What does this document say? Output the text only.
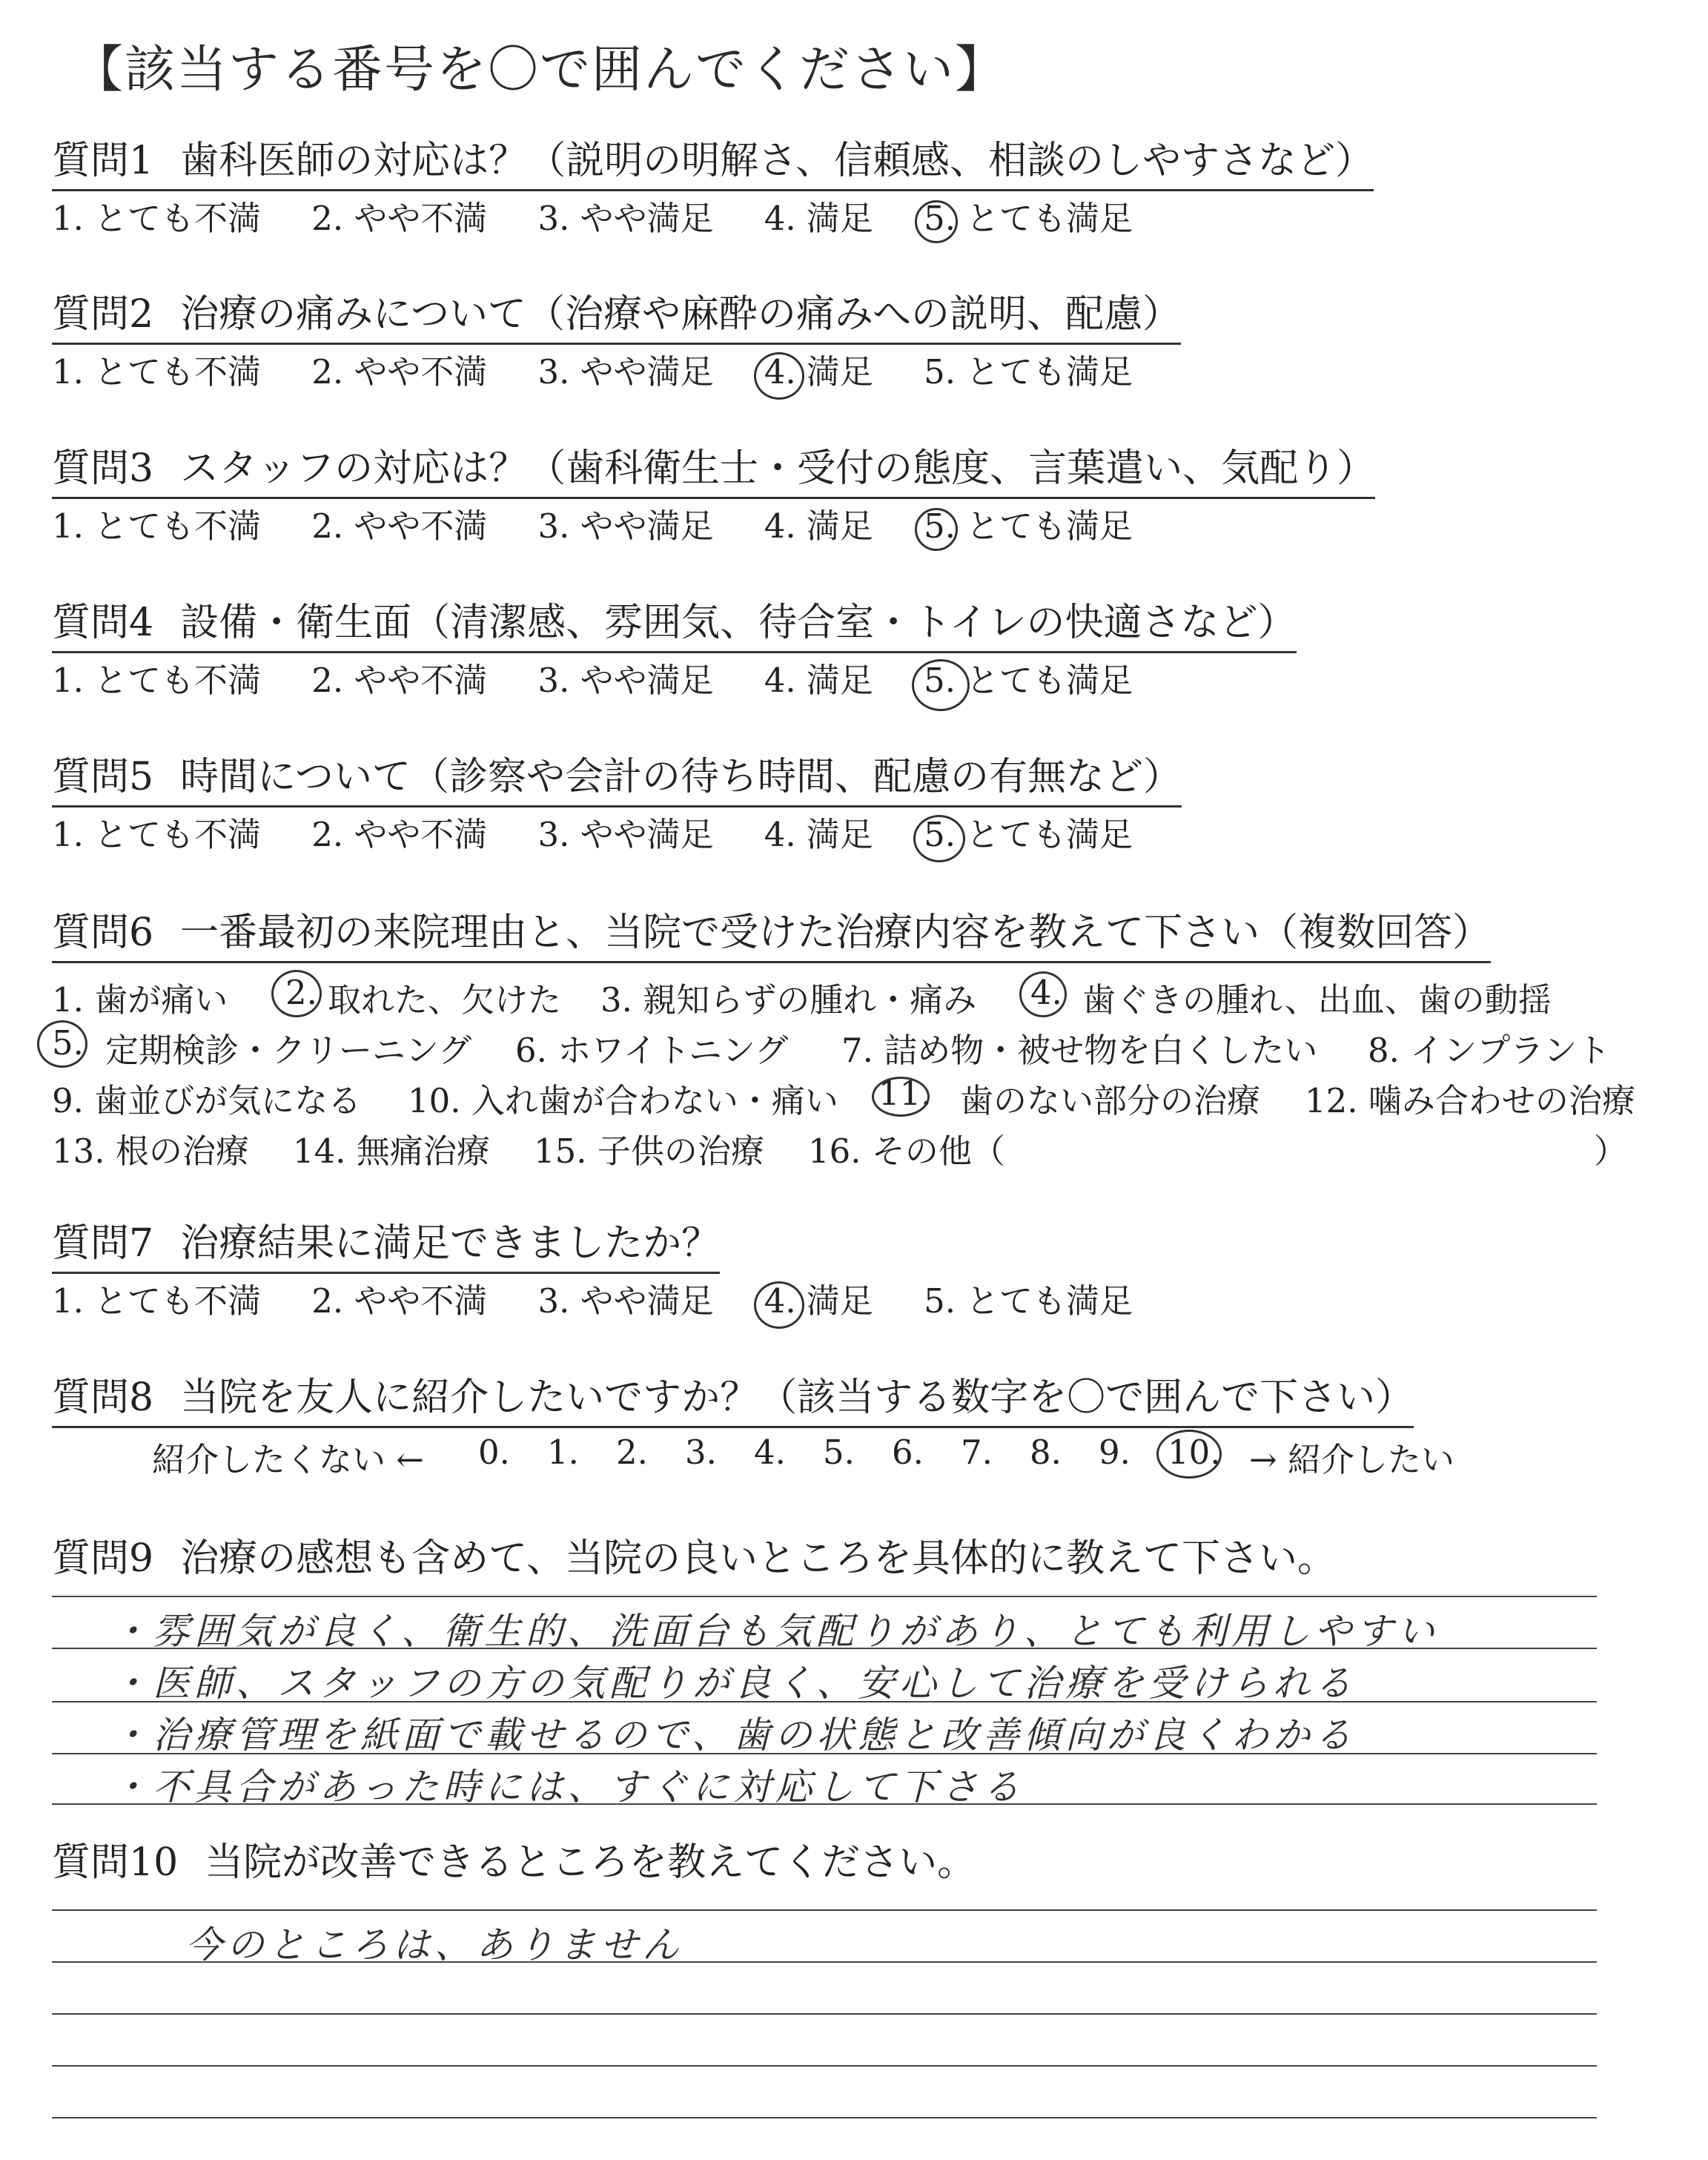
【該当する番号を〇で囲んでください】
質問1 歯科医師の対応は？（説明の明解さ、信頼感、相談のしやすさなど）
1. とても不満 2. やや不満 3. やや満足 4. 満足 5. とても満足
質問2 治療の痛みについて（治療や麻酔の痛みへの説明、配慮）
1. とても不満 2. やや不満 3. やや満足 4. 満足 5. とても満足
質問3 スタッフの対応は？（歯科衛生士・受付の態度、言葉遣い、気配り）
1. とても不満 2. やや不満 3. やや満足 4. 満足 5. とても満足
質問4 設備・衛生面（清潔感、雰囲気、待合室・トイレの快適さなど）
1. とても不満 2. やや不満 3. やや満足 4. 満足 5. とても満足
質問5 時間について（診察や会計の待ち時間、配慮の有無など）
1. とても不満 2. やや不満 3. やや満足 4. 満足 5. とても満足
質問6 一番最初の来院理由と、当院で受けた治療内容を教えて下さい（複数回答）
1. 歯が痛い 2. 取れた、欠けた 3. 親知らずの腫れ・痛み 4. 歯ぐきの腫れ、出血、歯の動揺
5. 定期検診・クリーニング 6. ホワイトニング 7. 詰め物・被せ物を白くしたい 8. インプラント
9. 歯並びが気になる 10. 入れ歯が合わない・痛い 11. 歯のない部分の治療 12. 噛み合わせの治療
13. 根の治療 14. 無痛治療 15. 子供の治療 16. その他（	）
質問7 治療結果に満足できましたか？
1. とても不満 2. やや不満 3. やや満足 4. 満足 5. とても満足
質問8 当院を友人に紹介したいですか？（該当する数字を〇で囲んで下さい）
紹介したくない ← 0. 1. 2. 3. 4. 5. 6. 7. 8. 9. 10. → 紹介したい
質問9 治療の感想も含めて、当院の良いところを具体的に教えて下さい。
・雰囲気が良く、衛生的、洗面台も気配りがあり、とても利用しやすい
・医師、スタッフの方の気配りが良く、安心して治療を受けられる
・治療管理を紙面で載せるので、歯の状態と改善傾向が良くわかる
・不具合があった時には、すぐに対応して下さる
質問10 当院が改善できるところを教えてください。
今のところは、ありません
